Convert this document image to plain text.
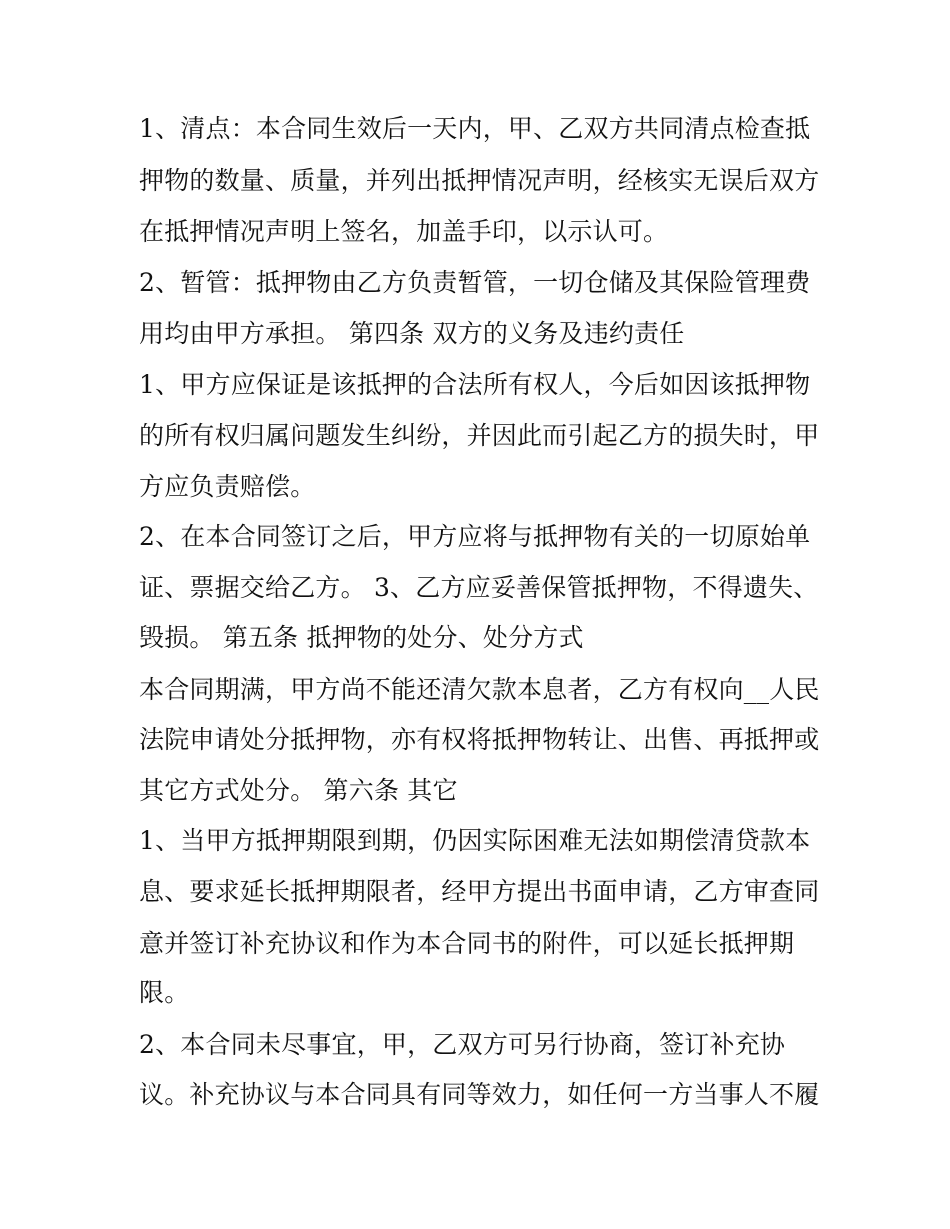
1、清点：本合同生效后一天内，甲、乙双方共同清点检查抵
押物的数量、质量，并列出抵押情况声明，经核实无误后双方
在抵押情况声明上签名，加盖手印，以示认可。
2、暂管：抵押物由乙方负责暂管，一切仓储及其保险管理费
用均由甲方承担。 第四条 双方的义务及违约责任
1、甲方应保证是该抵押的合法所有权人，今后如因该抵押物
的所有权归属问题发生纠纷，并因此而引起乙方的损失时，甲
方应负责赔偿。
2、在本合同签订之后，甲方应将与抵押物有关的一切原始单
证、票据交给乙方。 3、乙方应妥善保管抵押物，不得遗失、
毁损。 第五条 抵押物的处分、处分方式
本合同期满，甲方尚不能还清欠款本息者，乙方有权向__人民
法院申请处分抵押物，亦有权将抵押物转让、出售、再抵押或
其它方式处分。 第六条 其它
1、当甲方抵押期限到期，仍因实际困难无法如期偿清贷款本
息、要求延长抵押期限者，经甲方提出书面申请，乙方审查同
意并签订补充协议和作为本合同书的附件，可以延长抵押期
限。
2、本合同未尽事宜，甲，乙双方可另行协商，签订补充协
议。补充协议与本合同具有同等效力，如任何一方当事人不履
